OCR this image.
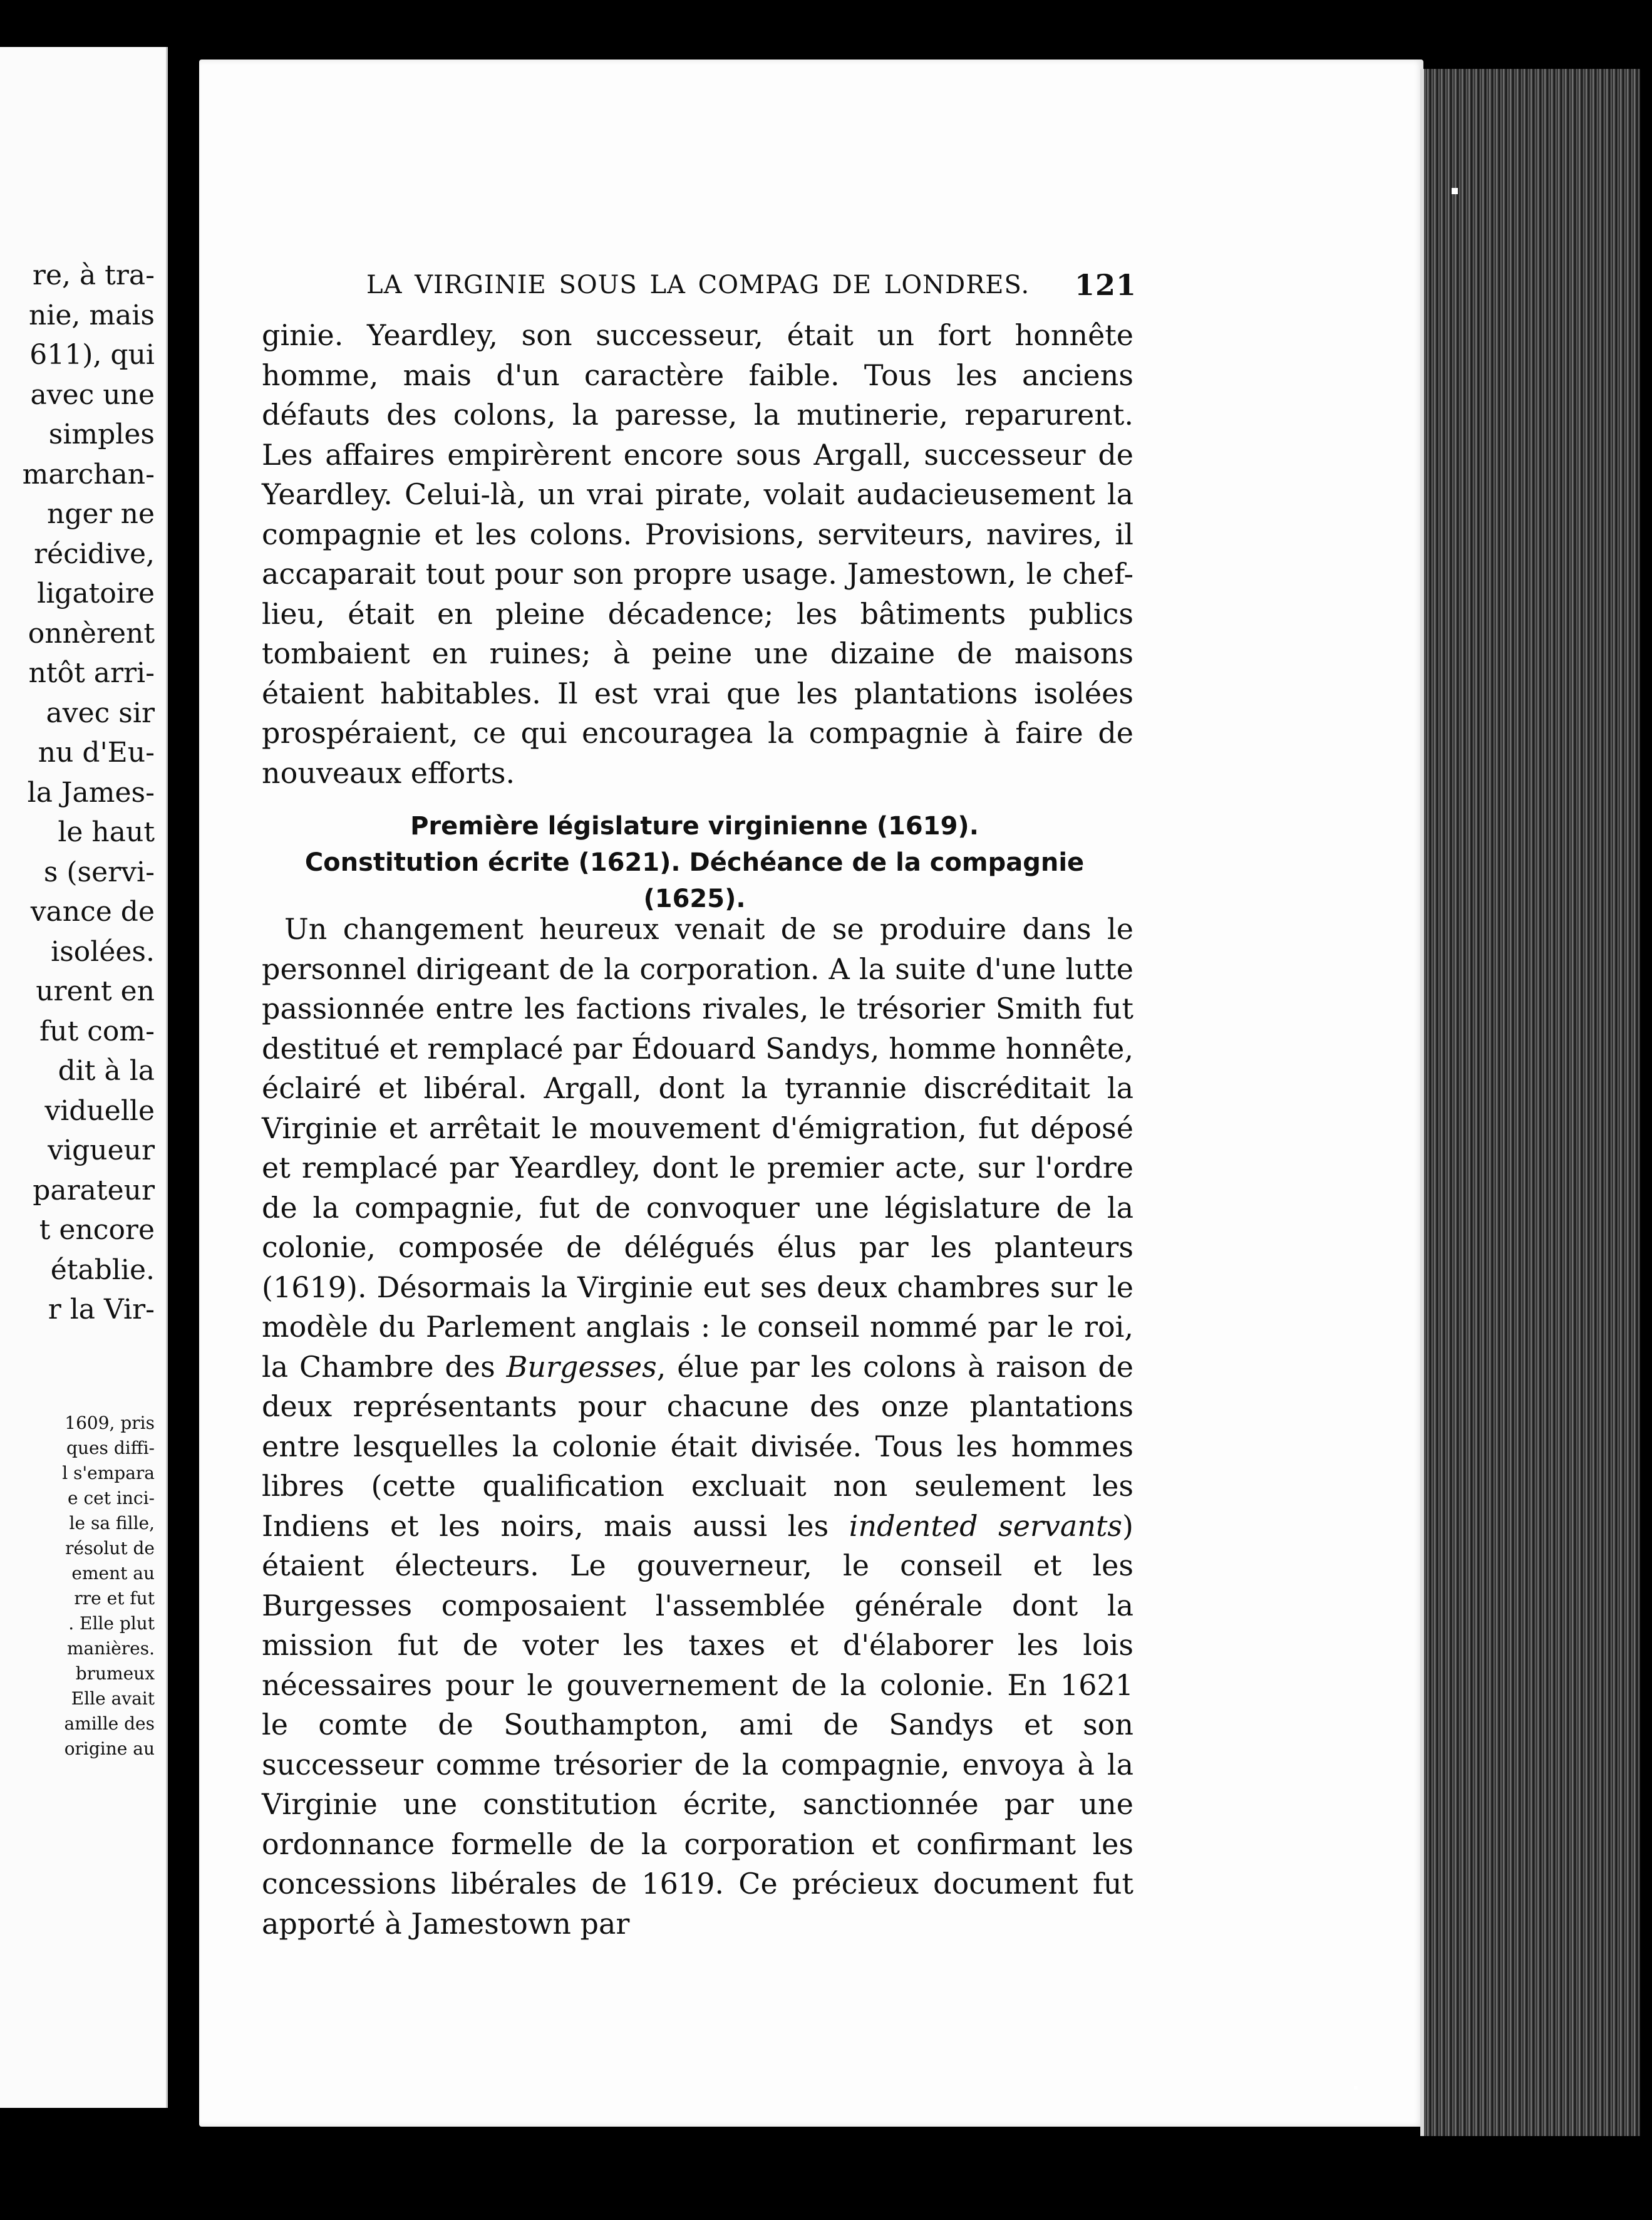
re, à tra-
nie, mais
611), qui
avec une
simples
marchan-
nger ne
récidive,
ligatoire
onnèrent
ntôt arri-
avec sir
nu d'Eu-
la James-
le haut
s (servi-
vance de
isolées.
urent en
fut com-
dit à la
viduelle
vigueur
parateur
t encore
établie.
r la Vir-
1609, pris
ques diffi-
l s'empara
e cet inci-
le sa fille,
résolut de
ement au
rre et fut
. Elle plut
manières.
brumeux
Elle avait
amille des
origine au
LA VIRGINIE SOUS LA COMPAG DE LONDRES. 121
ginie. Yeardley, son successeur, était un fort honnête homme, mais d'un caractère faible. Tous les anciens défauts des colons, la paresse, la mutinerie, reparurent. Les affaires empirèrent encore sous Argall, successeur de Yeardley. Celui-là, un vrai pirate, volait audacieusement la compagnie et les colons. Provisions, serviteurs, navires, il accaparait tout pour son propre usage. Jamestown, le chef-lieu, était en pleine décadence; les bâtiments publics tombaient en ruines; à peine une dizaine de maisons étaient habitables. Il est vrai que les plantations isolées prospéraient, ce qui encouragea la compagnie à faire de nouveaux efforts.
Première législature virginienne (1619).
Constitution écrite (1621). Déchéance de la compagnie (1625).
Un changement heureux venait de se produire dans le personnel dirigeant de la corporation. A la suite d'une lutte passionnée entre les factions rivales, le trésorier Smith fut destitué et remplacé par Édouard Sandys, homme honnête, éclairé et libéral. Argall, dont la tyrannie discréditait la Virginie et arrêtait le mouvement d'émigration, fut déposé et remplacé par Yeardley, dont le premier acte, sur l'ordre de la compagnie, fut de convoquer une législature de la colonie, composée de délégués élus par les planteurs (1619). Désormais la Virginie eut ses deux chambres sur le modèle du Parlement anglais : le conseil nommé par le roi, la Chambre des Burgesses, élue par les colons à raison de deux représentants pour chacune des onze plantations entre lesquelles la colonie était divisée. Tous les hommes libres (cette qualification excluait non seulement les Indiens et les noirs, mais aussi les indented servants) étaient électeurs. Le gouverneur, le conseil et les Burgesses composaient l'assemblée générale dont la mission fut de voter les taxes et d'élaborer les lois nécessaires pour le gouvernement de la colonie. En 1621 le comte de Southampton, ami de Sandys et son successeur comme trésorier de la compagnie, envoya à la Virginie une constitution écrite, sanctionnée par une ordonnance formelle de la corporation et confirmant les concessions libérales de 1619. Ce précieux document fut apporté à Jamestown par
